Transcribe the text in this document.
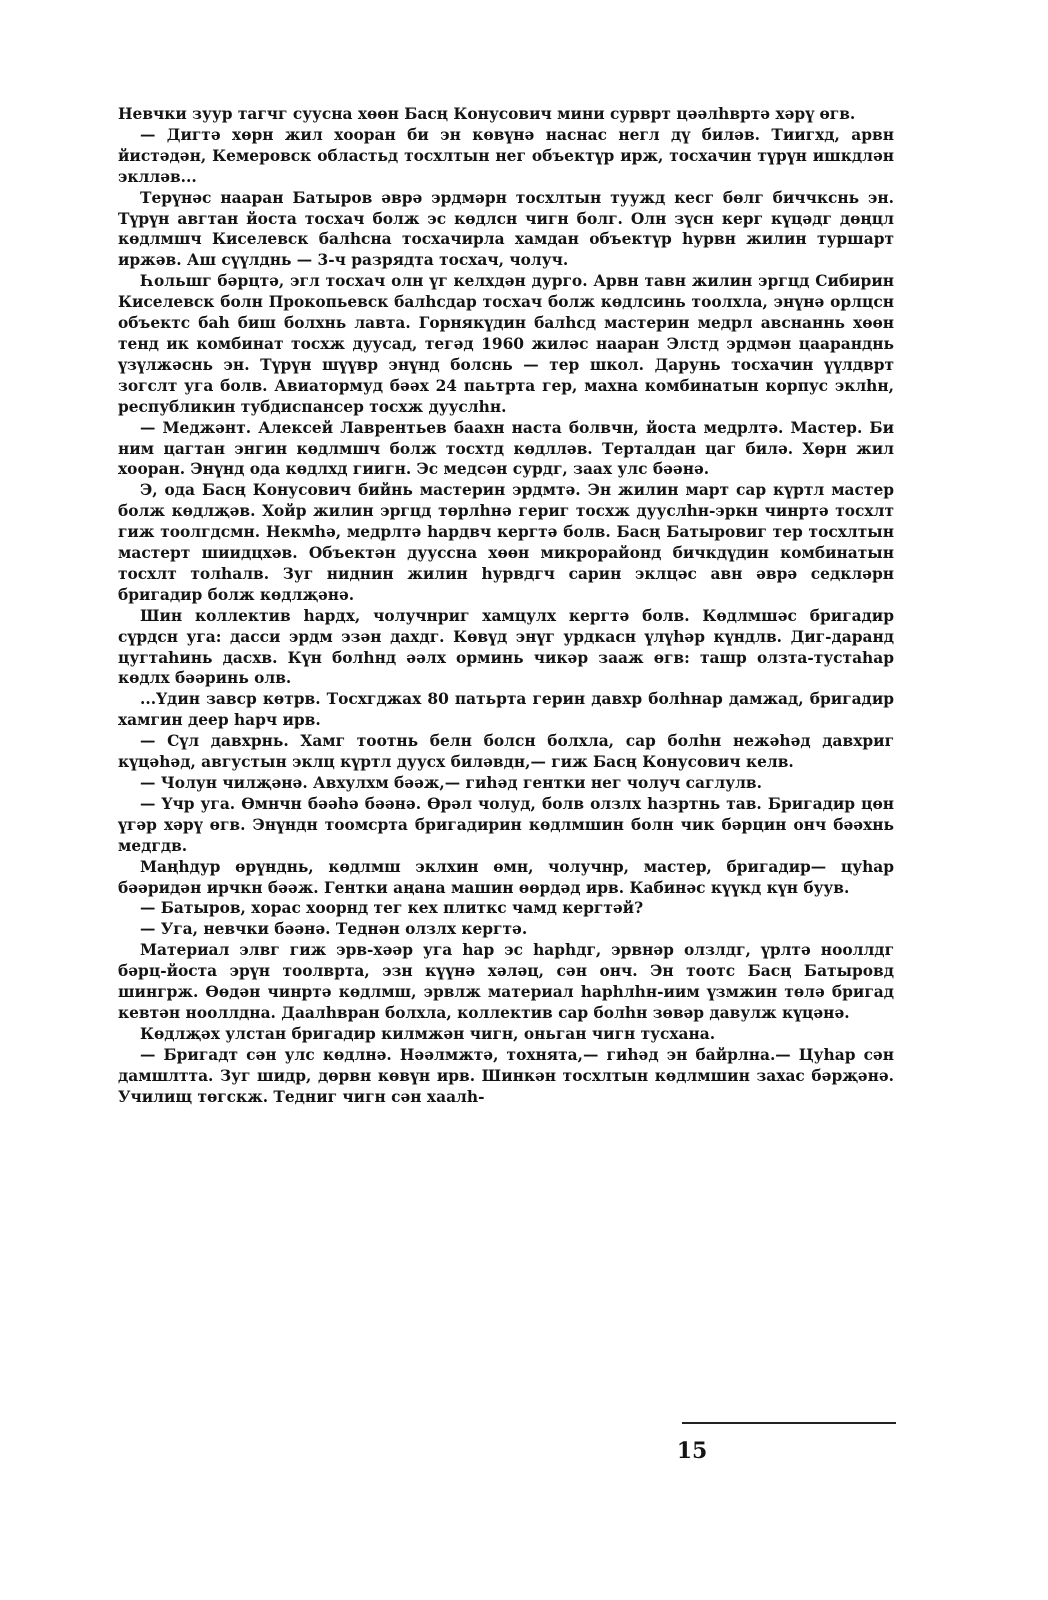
Невчки зуур тагчг суусна хөөн Басң Конусович мини сурврт цәәлһвртә хәрү өгв.

— Дигтә хөрн жил хооран би эн көвүнә наснас негл дү биләв. Тиигхд, арвн йистәдән, Кемеровск областьд тосхлтын нег объектүр ирж, тосхачин түрүн ишкдлән эклләв...

Терүнәс нааран Батыров әврә эрдмәрн тосхлтын туужд кесг бөлг биччкснь эн. Түрүн авгтан йоста тосхач болж эс көдлсн чигн болг. Олн зүсн керг күцәдг дөңцл көдлмшч Киселевск балһсна тосхачирла хамдан объектүр һурвн жилин туршарт иржәв. Аш сүүлднь — 3-ч разрядта тосхач, чолуч.

Һольшг бәрцтә, эгл тосхач олн үг келхдән дурго. Арвн тавн жилин эргцд Сибирин Киселевск болн Прокопьевск балһсдар тосхач болж көдлсинь тоолхла, энүнә орлцсн объектс бaһ биш болхнь лавта. Горнякүдин балһсд мастерин медрл авснаннь хөөн тенд ик комбинат тосхж дуусад, тегәд 1960 жиләс нааран Элстд эрдмән цааранднь үзүлжәснь эн. Түрүн шүүвр энүнд болснь — тер школ. Дарунь тосхачин үүлдврт зогслт уга болв. Авиатормуд бәәх 24 паьтртa гер, махна комбинатын корпус эклһн, республикин тубдиспансер тосхж дууслһн.

— Меджәнт. Алексей Лаврентьев баахн наста болвчн, йоста медрлтә. Мастер. Би ним цагтан энгин көдлмшч болж тосхтд көдлләв. Терталдан цаг билә. Хөрн жил хооран. Энүнд ода көдлхд гиигн. Эс медсән сурдг, заах улс бәәнә.

Э, ода Басң Конусович бийнь мастерин эрдмтә. Эн жилин март сар күртл мастер болж көдлҗәв. Хойр жилин эргцд төрлһнә гериг тосхж дууслһн-эркн чинртә тосхлт гиж тоолгдсмн. Некмһә, медрлтә һардвч кергтә болв. Басң Батыровиг тер тосхлтын мастерт шиидцхәв. Объектән дууссна хөөн микрорайонд бичкдүдин комбинатын тосхлт толһалв. Зуг ниднин жилин һурвдгч сарин эклцәс авн әврә седкләрн бригадир болж көдлҗәнә.

Шин коллектив һардх, чолучнриг хамцулх кергтә болв. Көдлмшәс бригадир сүрдсн уга: дасси эрдм эзән дахдг. Көвүд энүг урдкасн үлүһәр күндлв. Диг-даранд цугтаһинь дасхв. Күн болһнд әәлх орминь чикәр зааж өгв: ташр олзта-тустаһар көдлх бәәринь олв.

...Үдин завср көтрв. Тосхгджах 80 патьртa герин давхр болһнар дамжад, бригадир хамгин деер һарч ирв.

— Сүл давхрнь. Хамг тоотнь белн болсн болхла, сар болһн нежәһәд давхриг күцәһәд, августын эклц күртл дуусх биләвдн,— гиж Басң Конусович келв.

— Чолун чилҗәнә. Авхулхм бәәж,— гиһәд гентки нег чолуч саглулв.

— Үчр уга. Өмнчн бәәһә бәәнә. Өрәл чолуд, болв олзлх һазртнь тав. Бригадир цөн үгәр хәрү өгв. Энүндн тоомсрта бригадирин көдлмшин болн чик бәрцин онч бәәхнь медгдв.

Маңһдур өрүнднь, көдлмш эклхин өмн, чолучнр, мастер, бригадир— цуһар бәәридән ирчкн бәәж. Гентки аңана машин өөрдәд ирв. Кабинәс күүкд күн буув.

— Батыров, хорас хоорнд тег кех плиткс чамд кергтәй?

— Уга, невчки бәәнә. Теднән олзлх кергтә.

Материал элвг гиж эрв-хәәр уга һар эс һарһдг, эрвнәр олзлдг, үрлтә нооллдг бәрц-йоста эрүн тоолврта, эзн күүнә хәләц, сән онч. Эн тоотс Басң Батыровд шингрж. Өөдән чинртә көдлмш, эрвлж материал һарһлһн-иим үзмжин төлә бригад кевтән нооллдна. Даалһвран болхла, коллектив сар болһн зөвәр давулж күцәнә.

Көдлҗәх улстан бригадир килмжән чигн, оньган чигн тусхана.

— Бригадт сән улс көдлнә. Нәәлмжтә, тохнята,— гиһәд эн байрлна.— Цуһар сән дамшлтта. Зуг шидр, дөрвн көвүн ирв. Шинкән тосхлтын көдлмшин захас бәрҗәнә. Училищ төгскж. Тедниг чигн сән хаалһ-

15
